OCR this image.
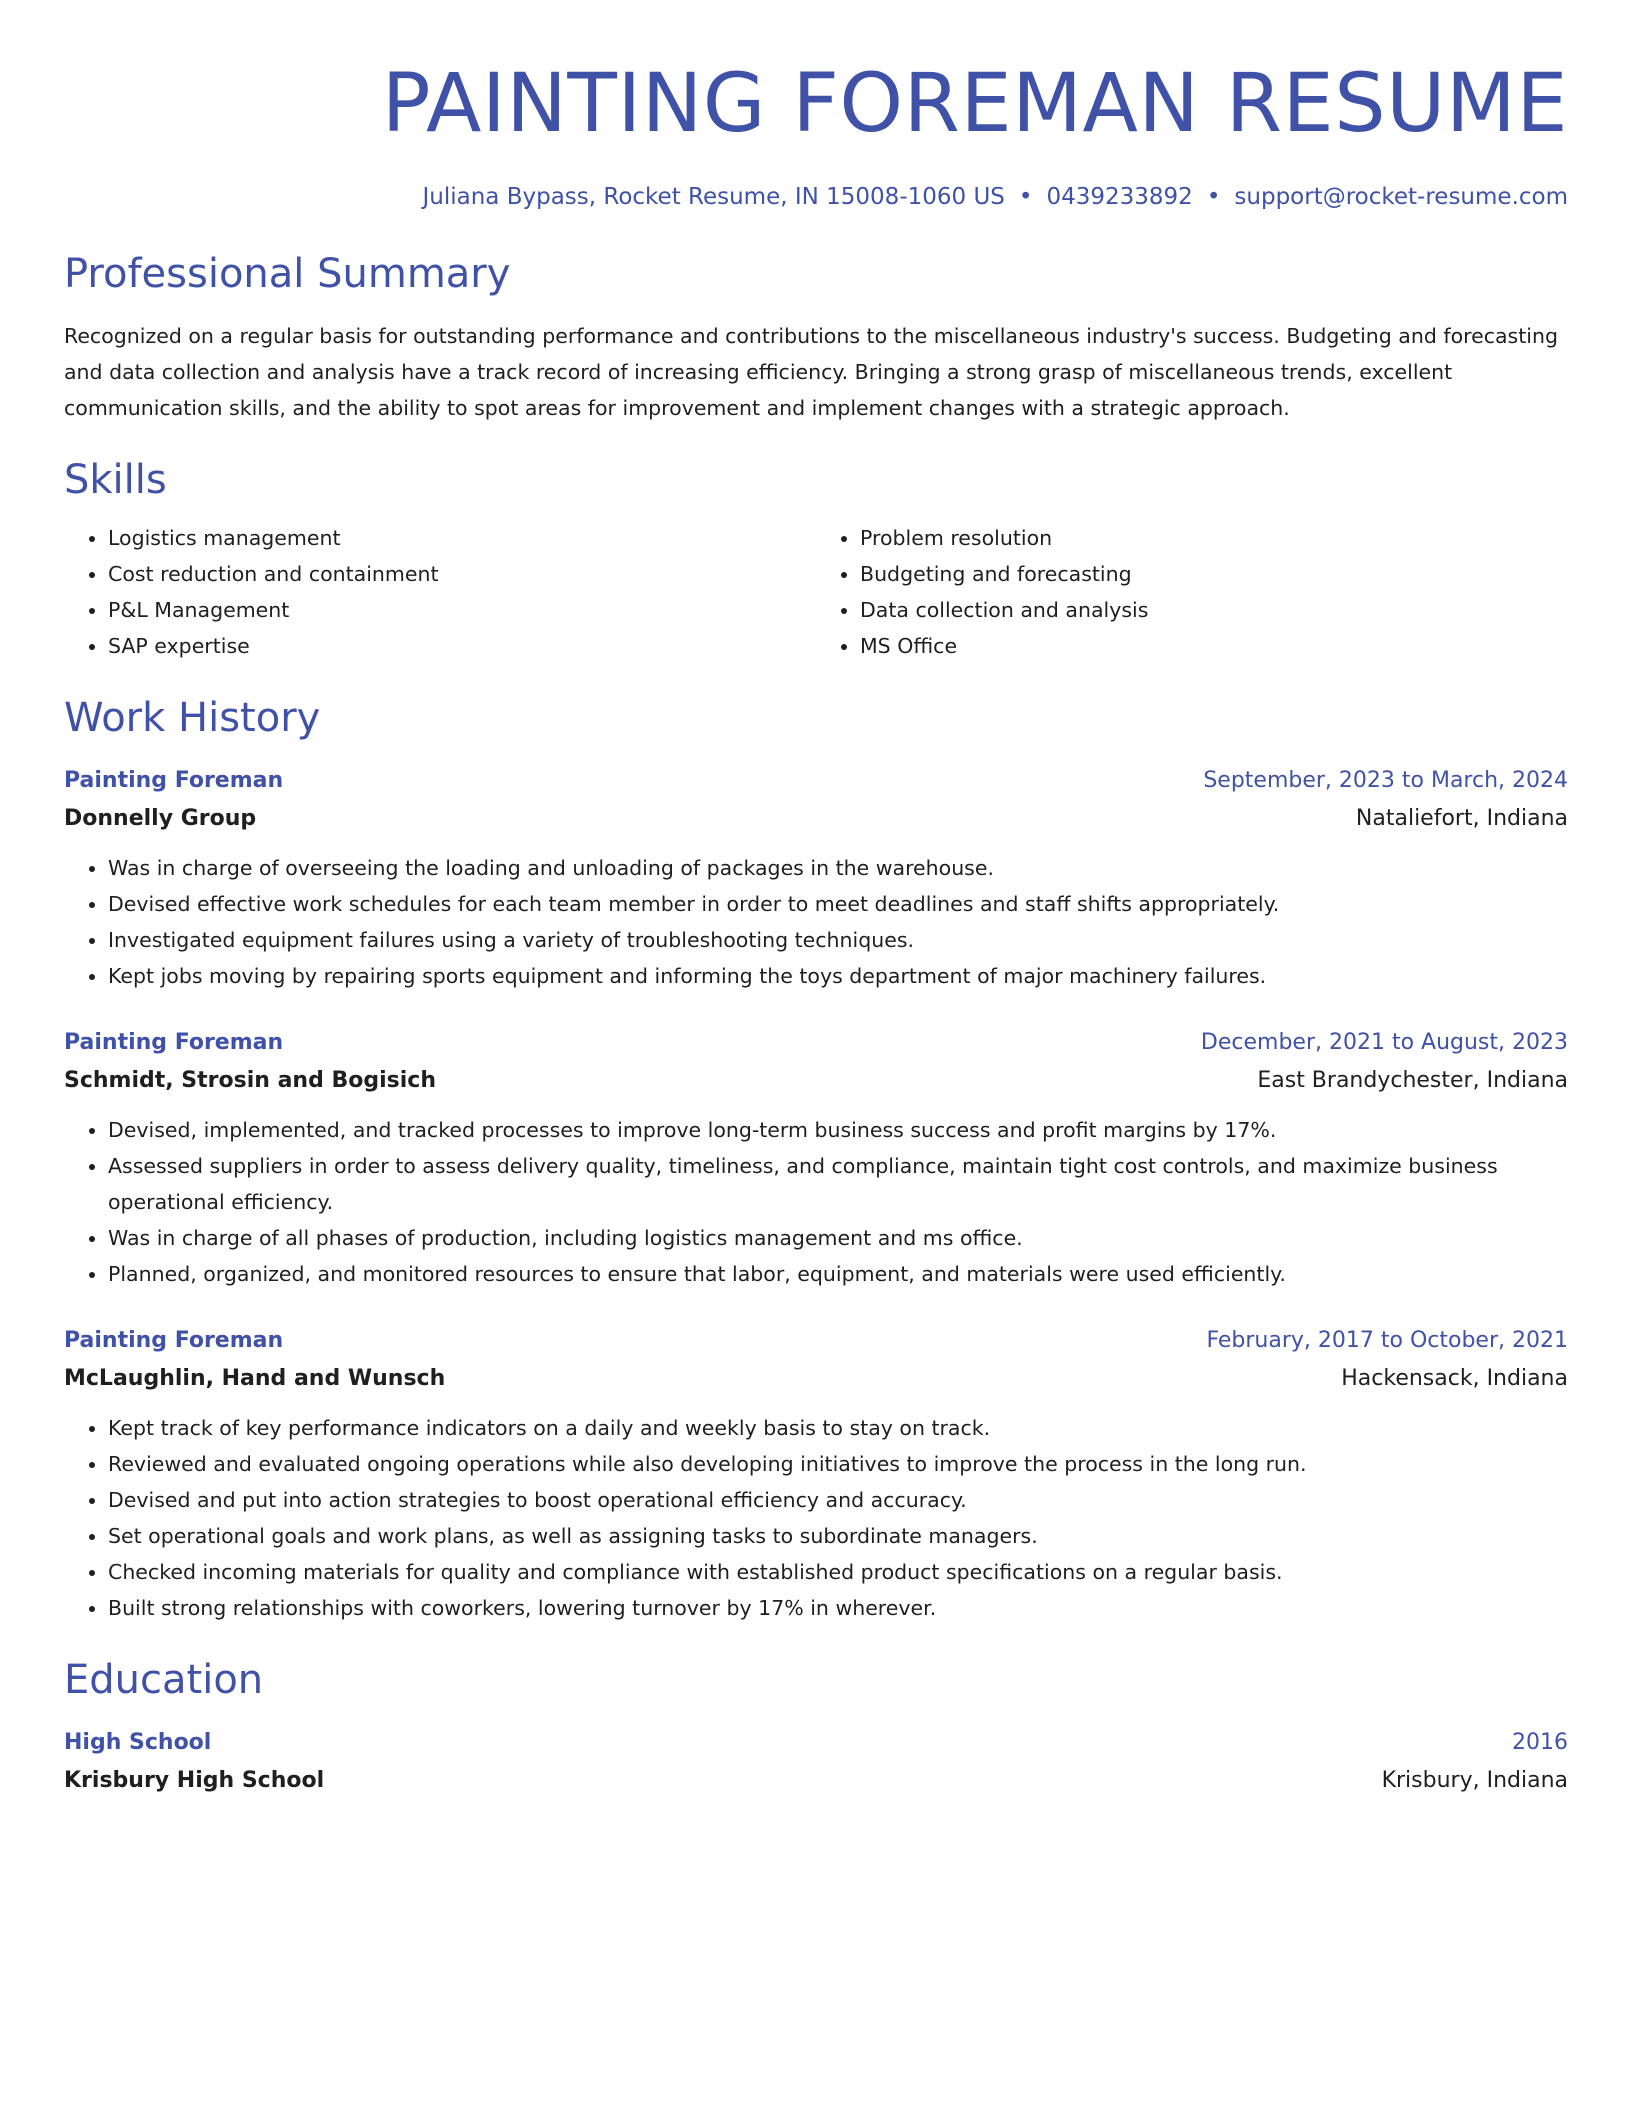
PAINTING FOREMAN RESUME
Juliana Bypass, Rocket Resume, IN 15008-1060 US • 0439233892 • support@rocket-resume.com
Professional Summary
Recognized on a regular basis for outstanding performance and contributions to the miscellaneous industry's success. Budgeting and forecasting and data collection and analysis have a track record of increasing efficiency. Bringing a strong grasp of miscellaneous trends, excellent communication skills, and the ability to spot areas for improvement and implement changes with a strategic approach.
Skills
• Logistics management
• Cost reduction and containment
• P&L Management
• SAP expertise
• Problem resolution
• Budgeting and forecasting
• Data collection and analysis
• MS Office
Work History
Painting Foreman	September, 2023 to March, 2024
Donnelly Group	Nataliefort, Indiana
• Was in charge of overseeing the loading and unloading of packages in the warehouse.
• Devised effective work schedules for each team member in order to meet deadlines and staff shifts appropriately.
• Investigated equipment failures using a variety of troubleshooting techniques.
• Kept jobs moving by repairing sports equipment and informing the toys department of major machinery failures.
Painting Foreman	December, 2021 to August, 2023
Schmidt, Strosin and Bogisich	East Brandychester, Indiana
• Devised, implemented, and tracked processes to improve long-term business success and profit margins by 17%.
• Assessed suppliers in order to assess delivery quality, timeliness, and compliance, maintain tight cost controls, and maximize business operational efficiency.
• Was in charge of all phases of production, including logistics management and ms office.
• Planned, organized, and monitored resources to ensure that labor, equipment, and materials were used efficiently.
Painting Foreman	February, 2017 to October, 2021
McLaughlin, Hand and Wunsch	Hackensack, Indiana
• Kept track of key performance indicators on a daily and weekly basis to stay on track.
• Reviewed and evaluated ongoing operations while also developing initiatives to improve the process in the long run.
• Devised and put into action strategies to boost operational efficiency and accuracy.
• Set operational goals and work plans, as well as assigning tasks to subordinate managers.
• Checked incoming materials for quality and compliance with established product specifications on a regular basis.
• Built strong relationships with coworkers, lowering turnover by 17% in wherever.
Education
High School	2016
Krisbury High School	Krisbury, Indiana
